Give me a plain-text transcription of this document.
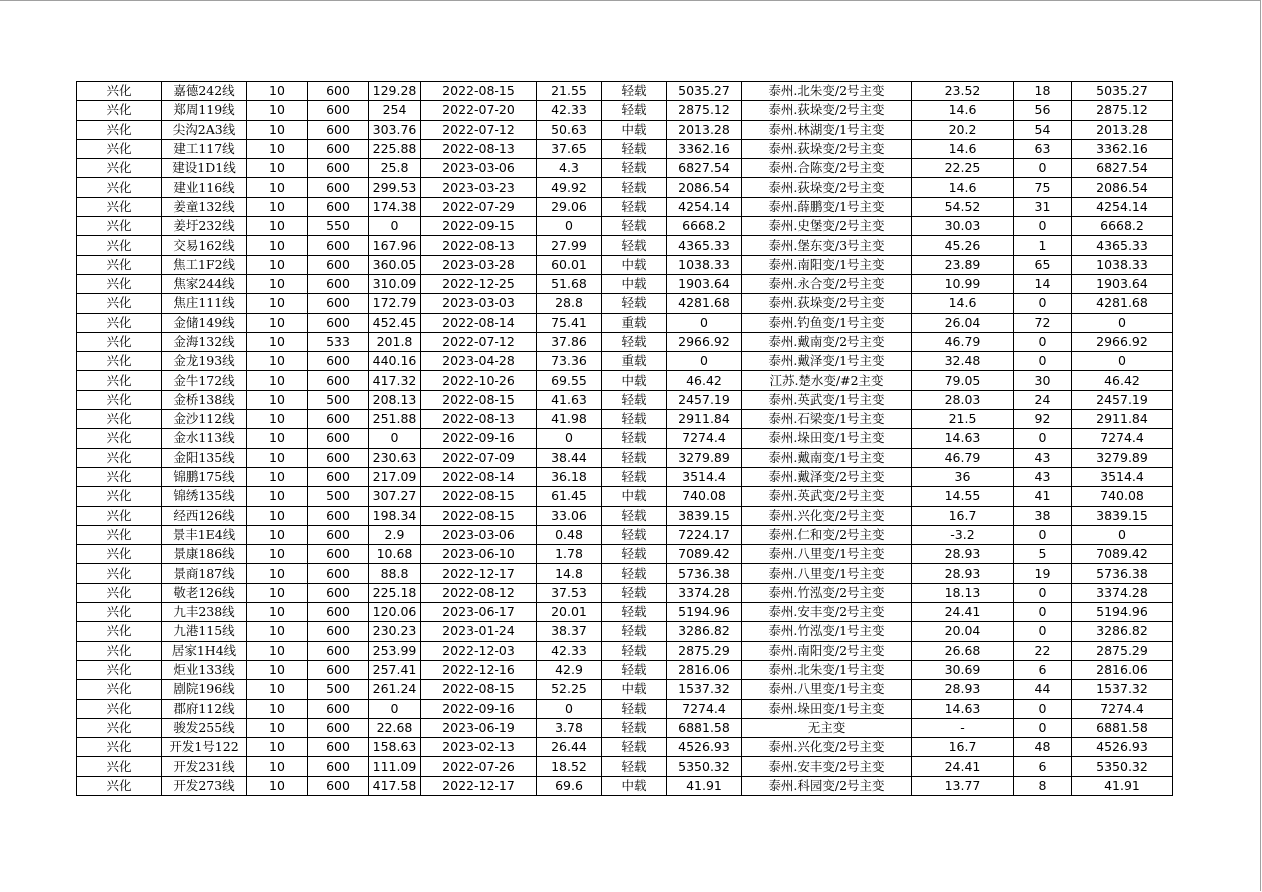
兴化	嘉德242线	10	600	129.28	2022-08-15	21.55	轻载	5035.27	泰州.北朱变/2号主变	23.52	18	5035.27
兴化	郑周119线	10	600	254	2022-07-20	42.33	轻载	2875.12	泰州.荻垛变/2号主变	14.6	56	2875.12
兴化	尖沟2A3线	10	600	303.76	2022-07-12	50.63	中载	2013.28	泰州.林湖变/1号主变	20.2	54	2013.28
兴化	建工117线	10	600	225.88	2022-08-13	37.65	轻载	3362.16	泰州.荻垛变/2号主变	14.6	63	3362.16
兴化	建设1D1线	10	600	25.8	2023-03-06	4.3	轻载	6827.54	泰州.合陈变/2号主变	22.25	0	6827.54
兴化	建业116线	10	600	299.53	2023-03-23	49.92	轻载	2086.54	泰州.荻垛变/2号主变	14.6	75	2086.54
兴化	姜童132线	10	600	174.38	2022-07-29	29.06	轻载	4254.14	泰州.薛鹏变/1号主变	54.52	31	4254.14
兴化	姜圩232线	10	550	0	2022-09-15	0	轻载	6668.2	泰州.史堡变/2号主变	30.03	0	6668.2
兴化	交易162线	10	600	167.96	2022-08-13	27.99	轻载	4365.33	泰州.堡东变/3号主变	45.26	1	4365.33
兴化	焦工1F2线	10	600	360.05	2023-03-28	60.01	中载	1038.33	泰州.南阳变/1号主变	23.89	65	1038.33
兴化	焦家244线	10	600	310.09	2022-12-25	51.68	中载	1903.64	泰州.永合变/2号主变	10.99	14	1903.64
兴化	焦庄111线	10	600	172.79	2023-03-03	28.8	轻载	4281.68	泰州.荻垛变/2号主变	14.6	0	4281.68
兴化	金储149线	10	600	452.45	2022-08-14	75.41	重载	0	泰州.钓鱼变/1号主变	26.04	72	0
兴化	金海132线	10	533	201.8	2022-07-12	37.86	轻载	2966.92	泰州.戴南变/2号主变	46.79	0	2966.92
兴化	金龙193线	10	600	440.16	2023-04-28	73.36	重载	0	泰州.戴泽变/1号主变	32.48	0	0
兴化	金牛172线	10	600	417.32	2022-10-26	69.55	中载	46.42	江苏.楚水变/#2主变	79.05	30	46.42
兴化	金桥138线	10	500	208.13	2022-08-15	41.63	轻载	2457.19	泰州.英武变/1号主变	28.03	24	2457.19
兴化	金沙112线	10	600	251.88	2022-08-13	41.98	轻载	2911.84	泰州.石梁变/1号主变	21.5	92	2911.84
兴化	金水113线	10	600	0	2022-09-16	0	轻载	7274.4	泰州.垛田变/1号主变	14.63	0	7274.4
兴化	金阳135线	10	600	230.63	2022-07-09	38.44	轻载	3279.89	泰州.戴南变/1号主变	46.79	43	3279.89
兴化	锦鹏175线	10	600	217.09	2022-08-14	36.18	轻载	3514.4	泰州.戴泽变/2号主变	36	43	3514.4
兴化	锦绣135线	10	500	307.27	2022-08-15	61.45	中载	740.08	泰州.英武变/2号主变	14.55	41	740.08
兴化	经西126线	10	600	198.34	2022-08-15	33.06	轻载	3839.15	泰州.兴化变/2号主变	16.7	38	3839.15
兴化	景丰1E4线	10	600	2.9	2023-03-06	0.48	轻载	7224.17	泰州.仁和变/2号主变	-3.2	0	0
兴化	景康186线	10	600	10.68	2023-06-10	1.78	轻载	7089.42	泰州.八里变/1号主变	28.93	5	7089.42
兴化	景商187线	10	600	88.8	2022-12-17	14.8	轻载	5736.38	泰州.八里变/1号主变	28.93	19	5736.38
兴化	敬老126线	10	600	225.18	2022-08-12	37.53	轻载	3374.28	泰州.竹泓变/2号主变	18.13	0	3374.28
兴化	九丰238线	10	600	120.06	2023-06-17	20.01	轻载	5194.96	泰州.安丰变/2号主变	24.41	0	5194.96
兴化	九港115线	10	600	230.23	2023-01-24	38.37	轻载	3286.82	泰州.竹泓变/1号主变	20.04	0	3286.82
兴化	居家1H4线	10	600	253.99	2022-12-03	42.33	轻载	2875.29	泰州.南阳变/2号主变	26.68	22	2875.29
兴化	炬业133线	10	600	257.41	2022-12-16	42.9	轻载	2816.06	泰州.北朱变/1号主变	30.69	6	2816.06
兴化	剧院196线	10	500	261.24	2022-08-15	52.25	中载	1537.32	泰州.八里变/1号主变	28.93	44	1537.32
兴化	郡府112线	10	600	0	2022-09-16	0	轻载	7274.4	泰州.垛田变/1号主变	14.63	0	7274.4
兴化	骏发255线	10	600	22.68	2023-06-19	3.78	轻载	6881.58	无主变	-	0	6881.58
兴化	开发1号122	10	600	158.63	2023-02-13	26.44	轻载	4526.93	泰州.兴化变/2号主变	16.7	48	4526.93
兴化	开发231线	10	600	111.09	2022-07-26	18.52	轻载	5350.32	泰州.安丰变/2号主变	24.41	6	5350.32
兴化	开发273线	10	600	417.58	2022-12-17	69.6	中载	41.91	泰州.科园变/2号主变	13.77	8	41.91
